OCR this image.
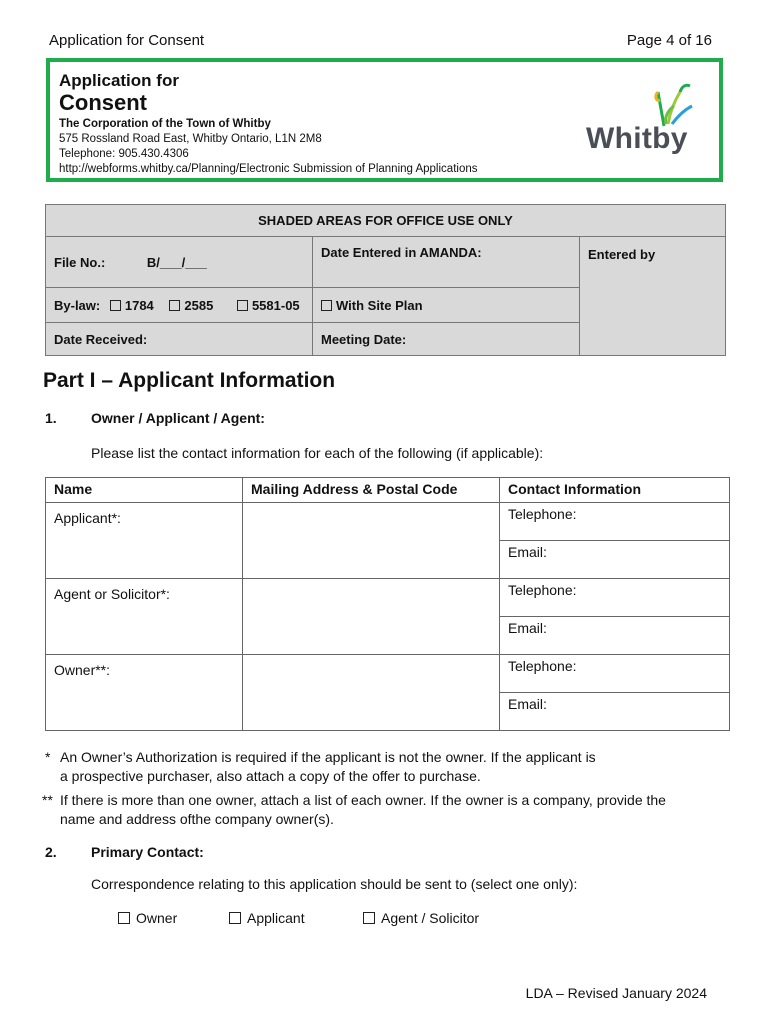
Application for Consent	Page 4 of 16
Application for
Consent
The Corporation of the Town of Whitby
575 Rossland Road East, Whitby Ontario, L1N 2M8
Telephone: 905.430.4306
http://webforms.whitby.ca/Planning/Electronic Submission of Planning Applications
Whitby
SHADED AREAS FOR OFFICE USE ONLY		
File No.: B/___/___	Date Entered in AMANDA:	Entered by
By-law: 1784 2585 5581-05	With Site Plan	
Date Received:	Meeting Date:	
Part I – Applicant Information
1. Owner / Applicant / Agent:
Please list the contact information for each of the following (if applicable):
Name	Mailing Address & Postal Code	Contact Information
Applicant*:		Telephone:
		Email:
Agent or Solicitor*:		Telephone:
		Email:
Owner**:		Telephone:
		Email:
* An Owner’s Authorization is required if the applicant is not the owner. If the applicant is
a prospective purchaser, also attach a copy of the offer to purchase.
** If there is more than one owner, attach a list of each owner. If the owner is a company, provide the
name and address ofthe company owner(s).
2. Primary Contact:
Correspondence relating to this application should be sent to (select one only):
Owner	Applicant	Agent / Solicitor
LDA – Revised January 2024
